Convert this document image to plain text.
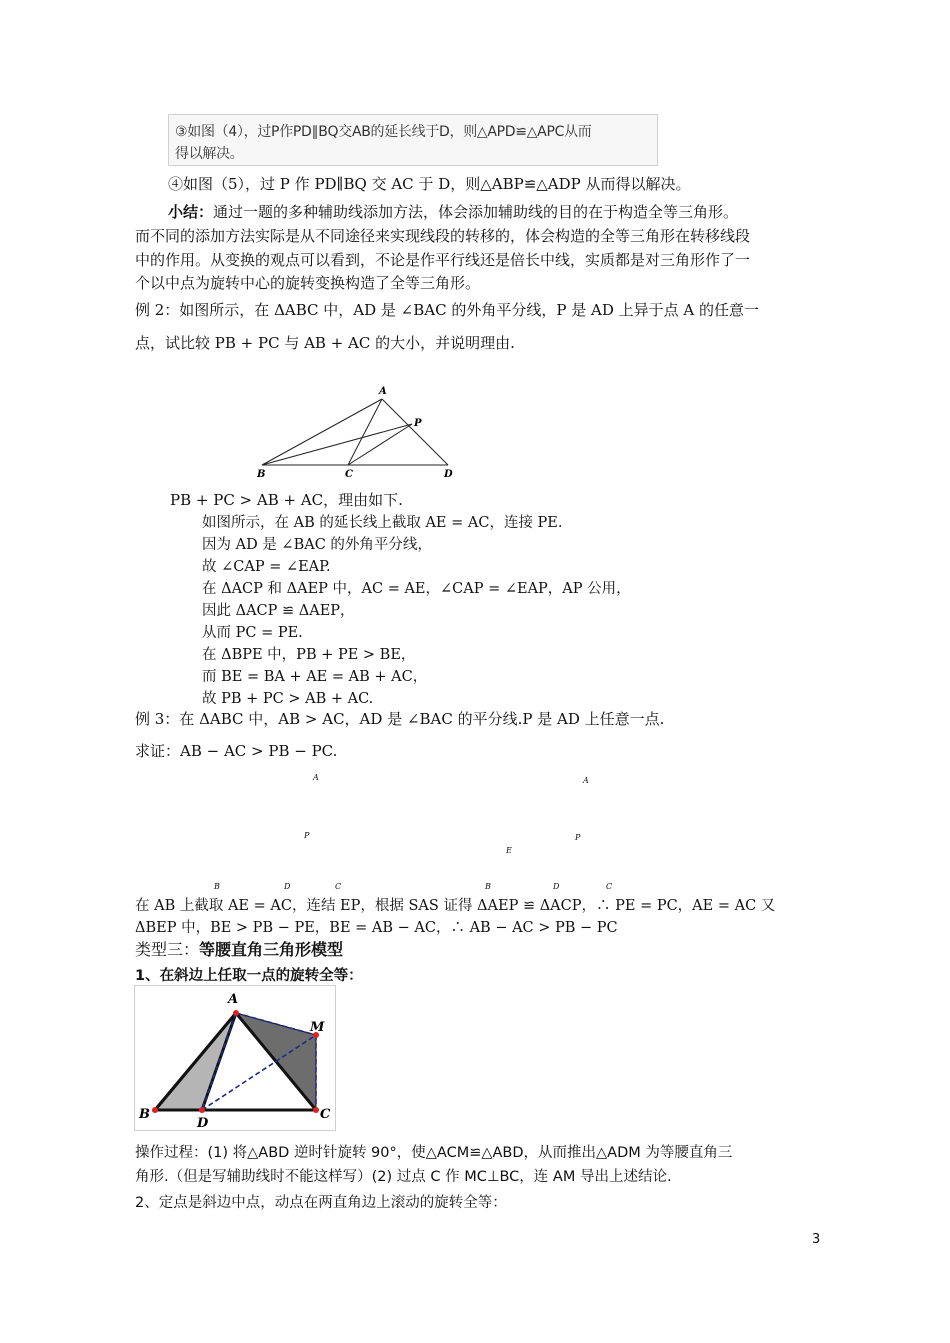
③如图（4），过P作PD∥BQ交AB的延长线于D，则△APD≌△APC从而
得以解决。
④如图（5），过 P 作 PD∥BQ 交 AC 于 D，则△ABP≌△ADP 从而得以解决。
小结：通过一题的多种辅助线添加方法，体会添加辅助线的目的在于构造全等三角形。
而不同的添加方法实际是从不同途径来实现线段的转移的，体会构造的全等三角形在转移线段
中的作用。从变换的观点可以看到，不论是作平行线还是倍长中线，实质都是对三角形作了一
个以中点为旋转中心的旋转变换构造了全等三角形。
例 2：如图所示，在 ΔABC 中，AD 是 ∠BAC 的外角平分线，P 是 AD 上异于点 A 的任意一
点，试比较 PB + PC 与 AB + AC 的大小，并说明理由.
A
P
B	C	D
PB + PC > AB + AC，理由如下.
如图所示，在 AB 的延长线上截取 AE = AC，连接 PE.
因为 AD 是 ∠BAC 的外角平分线，
故 ∠CAP = ∠EAP.
在 ΔACP 和 ΔAEP 中，AC = AE，∠CAP = ∠EAP，AP 公用，
因此 ΔACP ≌ ΔAEP，
从而 PC = PE.
在 ΔBPE 中，PB + PE > BE，
而 BE = BA + AE = AB + AC，
故 PB + PC > AB + AC.
例 3：在 ΔABC 中，AB > AC，AD 是 ∠BAC 的平分线.P 是 AD 上任意一点.
求证：AB − AC > PB − PC.
A	A
P	P
E
B	D	C	B	D	C
在 AB 上截取 AE = AC，连结 EP，根据 SAS 证得 ΔAEP ≌ ΔACP，∴ PE = PC，AE = AC 又
ΔBEP 中，BE > PB − PE，BE = AB − AC，∴ AB − AC > PB − PC
类型三：等腰直角三角形模型
1、在斜边上任取一点的旋转全等：
A
M
B
D
C
操作过程：(1) 将△ABD 逆时针旋转 90°，使△ACM≌△ABD，从而推出△ADM 为等腰直角三
角形.（但是写辅助线时不能这样写）(2) 过点 C 作 MC⊥BC，连 AM 导出上述结论.
2、定点是斜边中点，动点在两直角边上滚动的旋转全等：
3
